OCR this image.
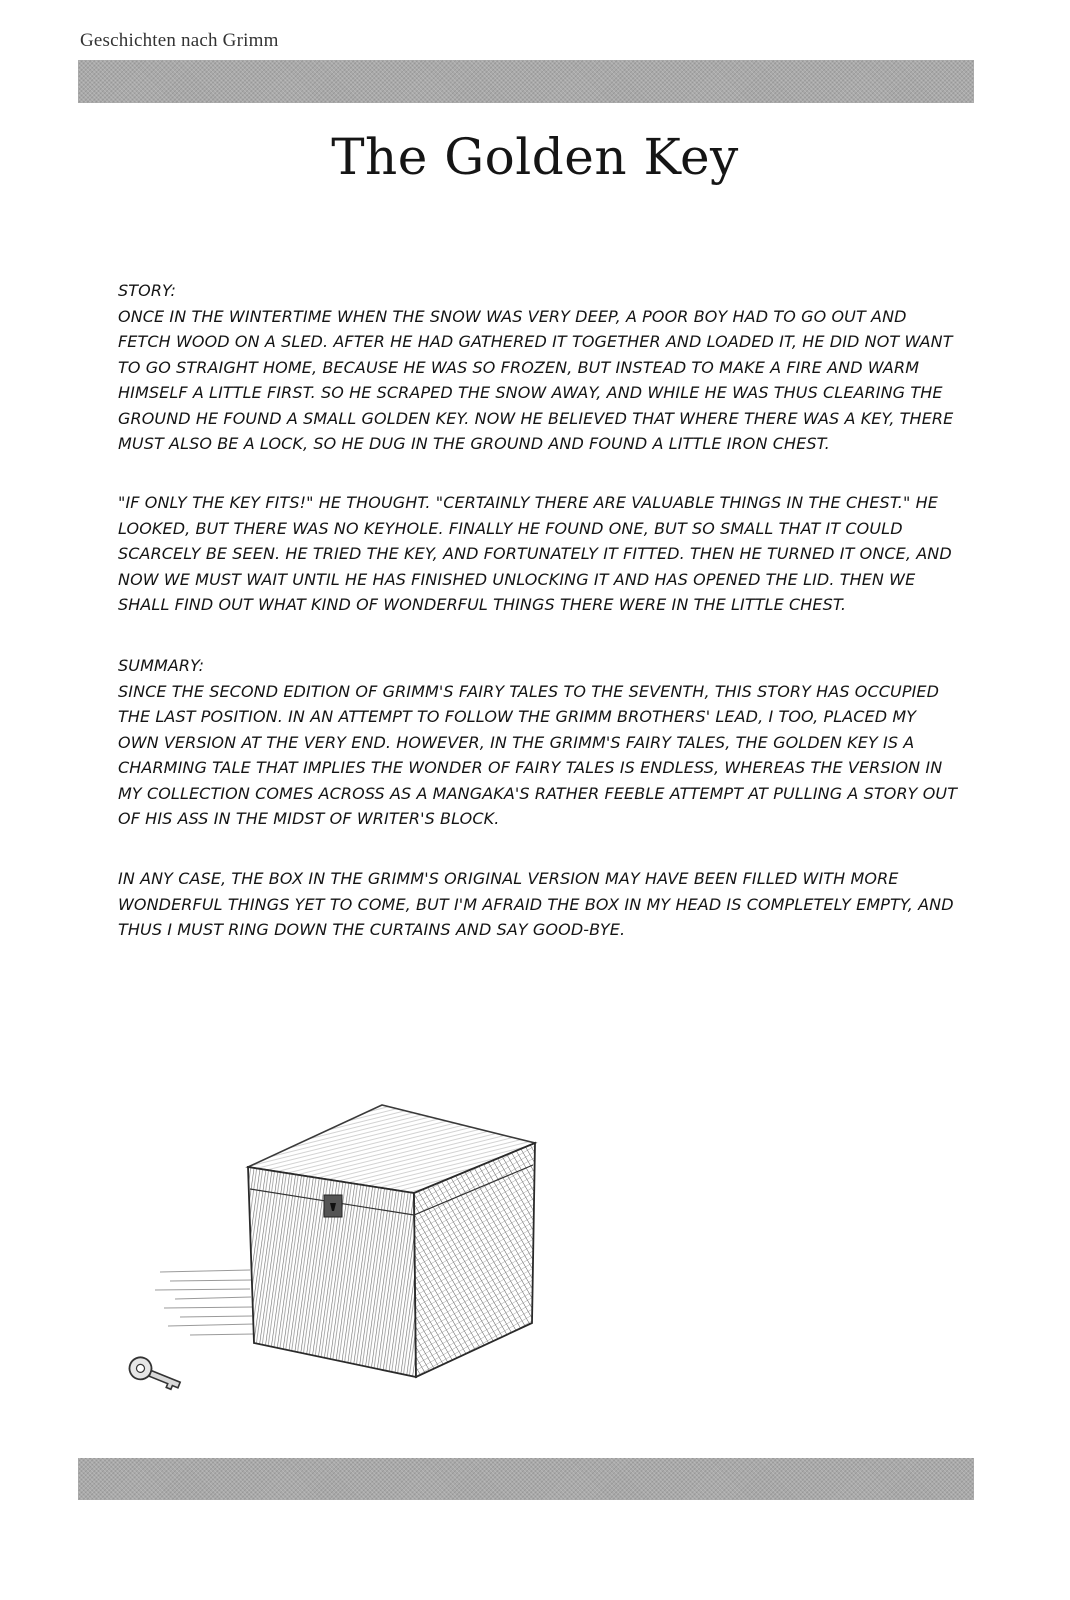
Geschichten nach Grimm
The Golden Key

STORY:

ONCE IN THE WINTERTIME WHEN THE SNOW WAS VERY DEEP, A POOR BOY HAD TO GO OUT AND FETCH WOOD ON A SLED. AFTER HE HAD GATHERED IT TOGETHER AND LOADED IT, HE DID NOT WANT TO GO STRAIGHT HOME, BECAUSE HE WAS SO FROZEN, BUT INSTEAD TO MAKE A FIRE AND WARM HIMSELF A LITTLE FIRST. SO HE SCRAPED THE SNOW AWAY, AND WHILE HE WAS THUS CLEARING THE GROUND HE FOUND A SMALL GOLDEN KEY. NOW HE BELIEVED THAT WHERE THERE WAS A KEY, THERE MUST ALSO BE A LOCK, SO HE DUG IN THE GROUND AND FOUND A LITTLE IRON CHEST.

"IF ONLY THE KEY FITS!" HE THOUGHT. "CERTAINLY THERE ARE VALUABLE THINGS IN THE CHEST." HE LOOKED, BUT THERE WAS NO KEYHOLE. FINALLY HE FOUND ONE, BUT SO SMALL THAT IT COULD SCARCELY BE SEEN. HE TRIED THE KEY, AND FORTUNATELY IT FITTED. THEN HE TURNED IT ONCE, AND NOW WE MUST WAIT UNTIL HE HAS FINISHED UNLOCKING IT AND HAS OPENED THE LID. THEN WE SHALL FIND OUT WHAT KIND OF WONDERFUL THINGS THERE WERE IN THE LITTLE CHEST.

SUMMARY:

SINCE THE SECOND EDITION OF GRIMM'S FAIRY TALES TO THE SEVENTH, THIS STORY HAS OCCUPIED THE LAST POSITION. IN AN ATTEMPT TO FOLLOW THE GRIMM BROTHERS' LEAD, I TOO, PLACED MY OWN VERSION AT THE VERY END. HOWEVER, IN THE GRIMM'S FAIRY TALES, THE GOLDEN KEY IS A CHARMING TALE THAT IMPLIES THE WONDER OF FAIRY TALES IS ENDLESS, WHEREAS THE VERSION IN MY COLLECTION COMES ACROSS AS A MANGAKA'S RATHER FEEBLE ATTEMPT AT PULLING A STORY OUT OF HIS ASS IN THE MIDST OF WRITER'S BLOCK.

IN ANY CASE, THE BOX IN THE GRIMM'S ORIGINAL VERSION MAY HAVE BEEN FILLED WITH MORE WONDERFUL THINGS YET TO COME, BUT I'M AFRAID THE BOX IN MY HEAD IS COMPLETELY EMPTY, AND THUS I MUST RING DOWN THE CURTAINS AND SAY GOOD-BYE.
